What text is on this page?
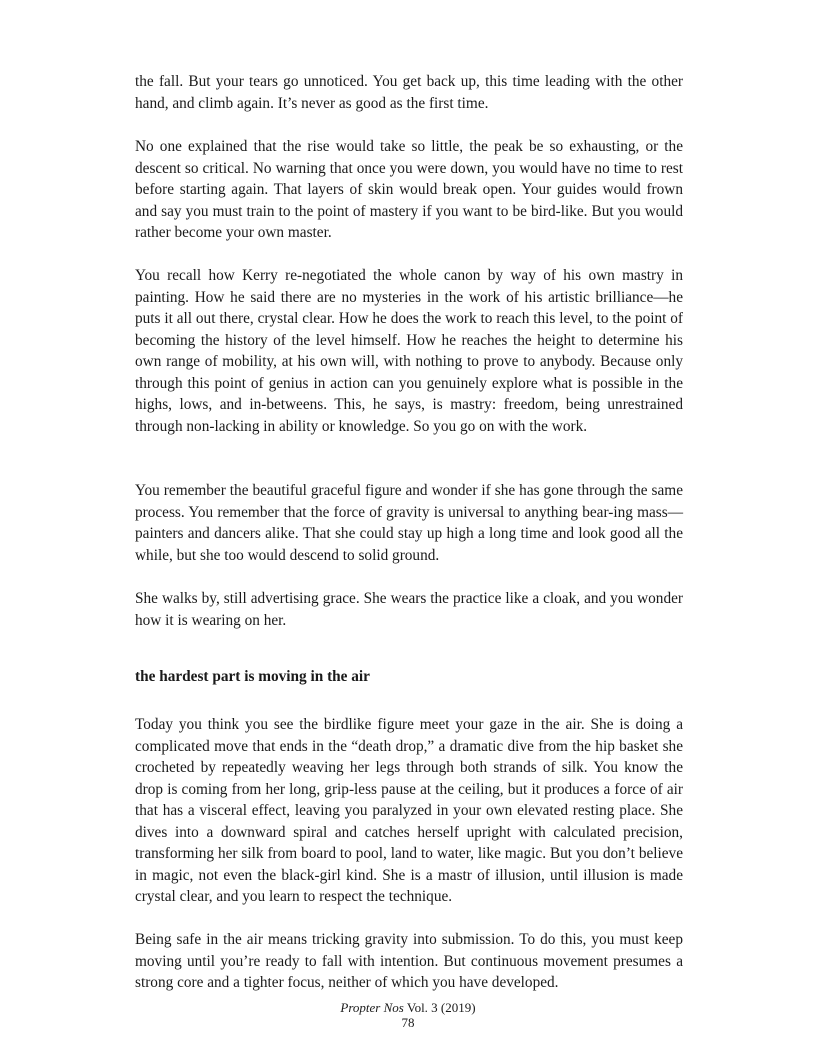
the fall. But your tears go unnoticed. You get back up, this time leading with the other hand, and climb again. It’s never as good as the first time.

No one explained that the rise would take so little, the peak be so exhausting, or the descent so critical. No warning that once you were down, you would have no time to rest before starting again. That layers of skin would break open. Your guides would frown and say you must train to the point of mastery if you want to be bird-like. But you would rather become your own master.

You recall how Kerry re-negotiated the whole canon by way of his own mastry in painting. How he said there are no mysteries in the work of his artistic brilliance—he puts it all out there, crystal clear. How he does the work to reach this level, to the point of becoming the history of the level himself. How he reaches the height to determine his own range of mobility, at his own will, with nothing to prove to anybody. Because only through this point of genius in action can you genuinely explore what is possible in the highs, lows, and in-betweens. This, he says, is mastry: freedom, being unrestrained through non-lacking in ability or knowledge. So you go on with the work.

You remember the beautiful graceful figure and wonder if she has gone through the same process. You remember that the force of gravity is universal to anything bear-ing mass—painters and dancers alike. That she could stay up high a long time and look good all the while, but she too would descend to solid ground.

She walks by, still advertising grace. She wears the practice like a cloak, and you wonder how it is wearing on her.

the hardest part is moving in the air

Today you think you see the birdlike figure meet your gaze in the air. She is doing a complicated move that ends in the “death drop,” a dramatic dive from the hip basket she crocheted by repeatedly weaving her legs through both strands of silk. You know the drop is coming from her long, grip-less pause at the ceiling, but it produces a force of air that has a visceral effect, leaving you paralyzed in your own elevated resting place. She dives into a downward spiral and catches herself upright with calculated precision, transforming her silk from board to pool, land to water, like magic. But you don’t believe in magic, not even the black-girl kind. She is a mastr of illusion, until illusion is made crystal clear, and you learn to respect the technique.

Being safe in the air means tricking gravity into submission. To do this, you must keep moving until you’re ready to fall with intention. But continuous movement presumes a strong core and a tighter focus, neither of which you have developed.

Propter Nos Vol. 3 (2019)
78
